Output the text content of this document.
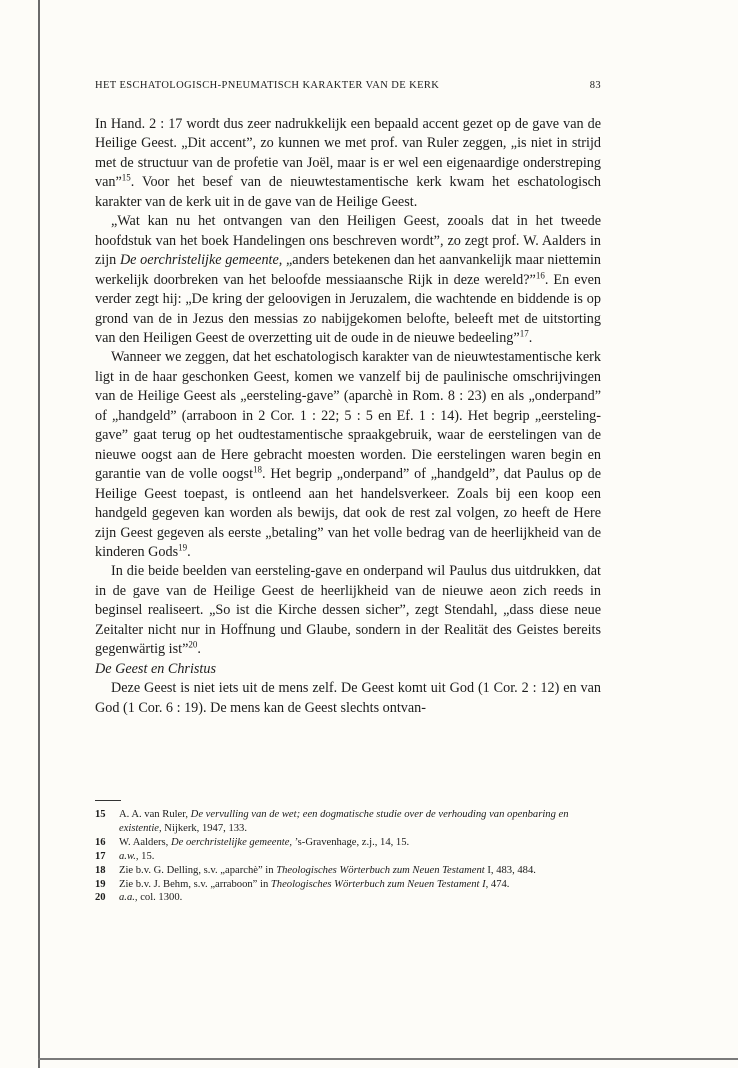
HET ESCHATOLOGISCH-PNEUMATISCH KARAKTER VAN DE KERK	83

In Hand. 2 : 17 wordt dus zeer nadrukkelijk een bepaald accent gezet op de gave van de Heilige Geest. „Dit accent”, zo kunnen we met prof. van Ruler zeggen, „is niet in strijd met de structuur van de profetie van Joël, maar is er wel een eigenaardige onderstreping van”$^{15}$. Voor het besef van de nieuwtestamentische kerk kwam het eschatologisch karakter van de kerk uit in de gave van de Heilige Geest.

„Wat kan nu het ontvangen van den Heiligen Geest, zooals dat in het tweede hoofdstuk van het boek Handelingen ons beschreven wordt”, zo zegt prof. W. Aalders in zijn De oerchristelijke gemeente, „anders betekenen dan het aanvankelijk maar niettemin werkelijk doorbreken van het beloofde messiaansche Rijk in deze wereld?”$^{16}$. En even verder zegt hij: „De kring der geloovigen in Jeruzalem, die wachtende en biddende is op grond van de in Jezus den messias zo nabijgekomen belofte, beleeft met de uitstorting van den Heiligen Geest de overzetting uit de oude in de nieuwe bedeeling”$^{17}$.

Wanneer we zeggen, dat het eschatologisch karakter van de nieuwtestamentische kerk ligt in de haar geschonken Geest, komen we vanzelf bij de paulinische omschrijvingen van de Heilige Geest als „eersteling-gave” (aparchè in Rom. 8 : 23) en als „onderpand” of „handgeld” (arraboon in 2 Cor. 1 : 22; 5 : 5 en Ef. 1 : 14). Het begrip „eersteling-gave” gaat terug op het oudtestamentische spraakgebruik, waar de eerstelingen van de nieuwe oogst aan de Here gebracht moesten worden. Die eerstelingen waren begin en garantie van de volle oogst$^{18}$. Het begrip „onderpand” of „handgeld”, dat Paulus op de Heilige Geest toepast, is ontleend aan het handelsverkeer. Zoals bij een koop een handgeld gegeven kan worden als bewijs, dat ook de rest zal volgen, zo heeft de Here zijn Geest gegeven als eerste „betaling” van het volle bedrag van de heerlijkheid van de kinderen Gods$^{19}$.

In die beide beelden van eersteling-gave en onderpand wil Paulus dus uitdrukken, dat in de gave van de Heilige Geest de heerlijkheid van de nieuwe aeon zich reeds in beginsel realiseert. „So ist die Kirche dessen sicher”, zegt Stendahl, „dass diese neue Zeitalter nicht nur in Hoffnung und Glaube, sondern in der Realität des Geistes bereits gegenwärtig ist”$^{20}$.

De Geest en Christus

Deze Geest is niet iets uit de mens zelf. De Geest komt uit God (1 Cor. 2 : 12) en van God (1 Cor. 6 : 19). De mens kan de Geest slechts ontvan-

15	A. A. van Ruler, De vervulling van de wet; een dogmatische studie over de verhouding van openbaring en existentie, Nijkerk, 1947, 133.
16	W. Aalders, De oerchristelijke gemeente, ’s-Gravenhage, z.j., 14, 15.
17	a.w., 15.
18	Zie b.v. G. Delling, s.v. „aparchè” in Theologisches Wörterbuch zum Neuen Testament I, 483, 484.
19	Zie b.v. J. Behm, s.v. „arraboon” in Theologisches Wörterbuch zum Neuen Testament I, 474.
20	a.a., col. 1300.
